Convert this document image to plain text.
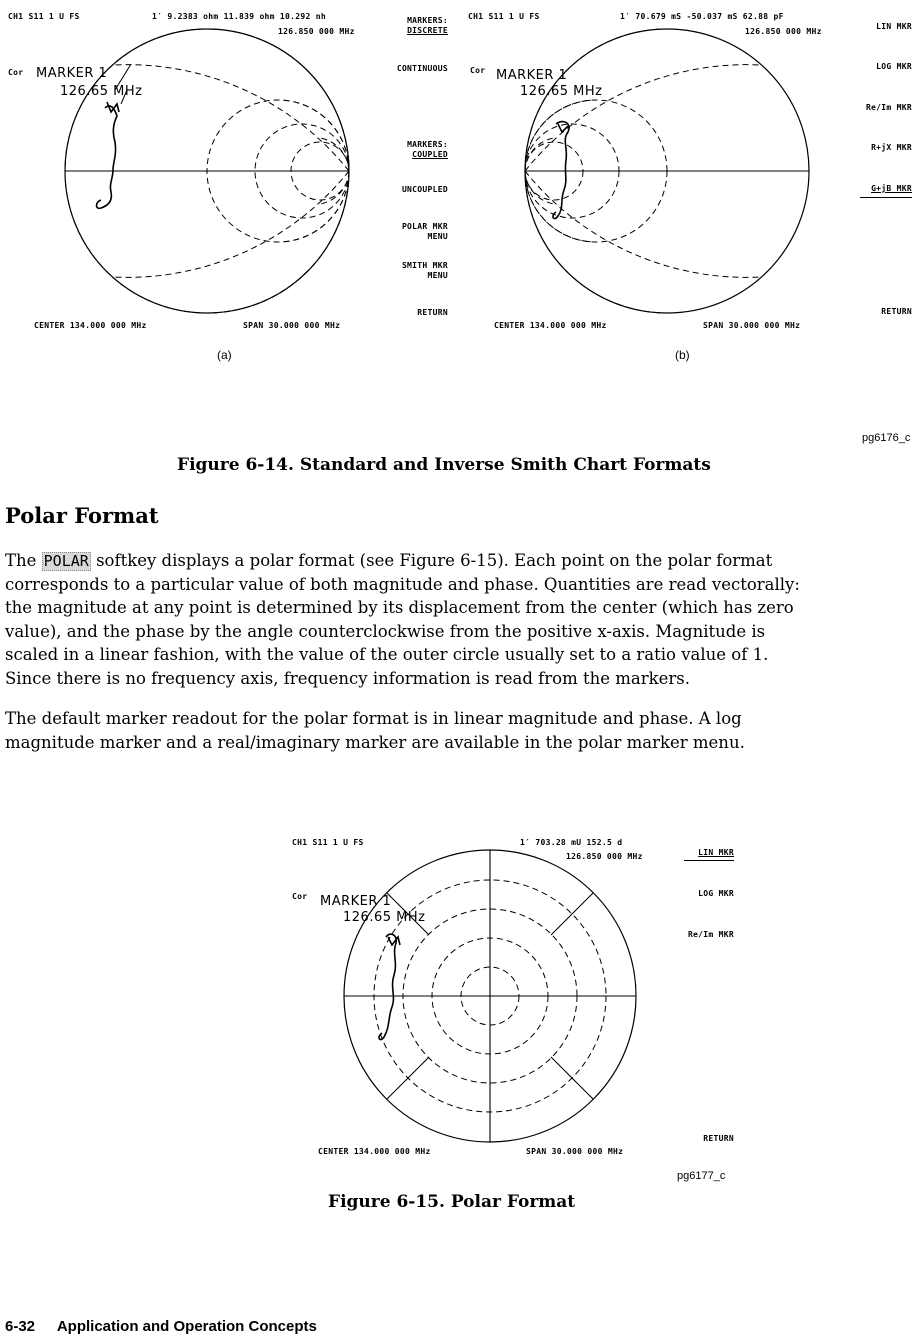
CH1 S11 1 U FS	1′ 9.2383 ohm 11.839 ohm 10.292 nh
126.850 000 MHz
Cor MARKER 1
126.65 MHz
MARKERS:
DISCRETE
CONTINUOUS
MARKERS:
COUPLED
UNCOUPLED
POLAR MKR
MENU
SMITH MKR
MENU
RETURN
CENTER 134.000 000 MHz	SPAN 30.000 000 MHz
(a)
CH1 S11 1 U FS	1′ 70.679 mS -50.037 mS 62.88 pF
126.850 000 MHz
Cor MARKER 1
126.65 MHz
LIN MKR
LOG MKR
Re/Im MKR
R+jX MKR
G+jB MKR
RETURN
CENTER 134.000 000 MHz	SPAN 30.000 000 MHz
(b)
pg6176_c
Figure 6-14. Standard and Inverse Smith Chart Formats
Polar Format
The POLAR softkey displays a polar format (see Figure 6-15). Each point on the polar format
corresponds to a particular value of both magnitude and phase. Quantities are read vectorally:
the magnitude at any point is determined by its displacement from the center (which has zero
value), and the phase by the angle counterclockwise from the positive x-axis. Magnitude is
scaled in a linear fashion, with the value of the outer circle usually set to a ratio value of 1.
Since there is no frequency axis, frequency information is read from the markers.
The default marker readout for the polar format is in linear magnitude and phase. A log
magnitude marker and a real/imaginary marker are available in the polar marker menu.
CH1 S11 1 U FS	1′ 703.28 mU 152.5 d
126.850 000 MHz
Cor MARKER 1
126.65 MHz
LIN MKR
LOG MKR
Re/Im MKR
RETURN
CENTER 134.000 000 MHz	SPAN 30.000 000 MHz
pg6177_c
Figure 6-15. Polar Format
6-32 Application and Operation Concepts
